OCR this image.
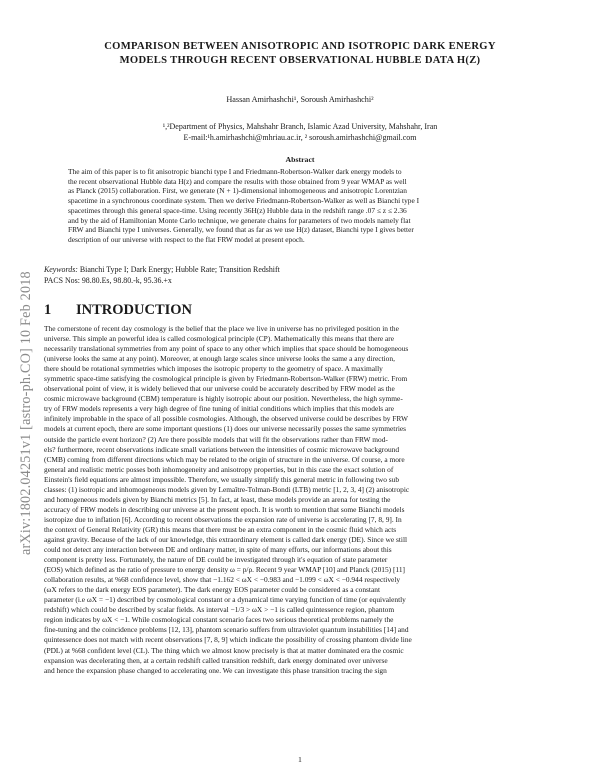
arXiv:1802.04251v1 [astro-ph.CO] 10 Feb 2018
COMPARISON BETWEEN ANISOTROPIC AND ISOTROPIC DARK ENERGY
MODELS THROUGH RECENT OBSERVATIONAL HUBBLE DATA H(Z)
Hassan Amirhashchi¹, Soroush Amirhashchi²
¹,²Department of Physics, Mahshahr Branch, Islamic Azad University, Mahshahr, Iran
E-mail:¹h.amirhashchi@mhriau.ac.ir, ² soroush.amirhashchi@gmail.com
Abstract
The aim of this paper is to fit anisotropic bianchi type I and Friedmann-Robertson-Walker dark energy models to
the recent observational Hubble data H(z) and compare the results with those obtained from 9 year WMAP as well
as Planck (2015) collaboration. First, we generate (N + 1)-dimensional inhomogeneous and anisotropic Lorentzian
spacetime in a synchronous coordinate system. Then we derive Friedmann-Robertson-Walker as well as Bianchi type I
spacetimes through this general space-time. Using recently 36H(z) Hubble data in the redshift range .07 ≤ z ≤ 2.36
and by the aid of Hamiltonian Monte Carlo technique, we generate chains for parameters of two models namely flat
FRW and Bianchi type I universes. Generally, we found that as far as we use H(z) dataset, Bianchi type I gives better
description of our universe with respect to the flat FRW model at present epoch.
Keywords: Bianchi Type I; Dark Energy; Hubble Rate; Transition Redshift
PACS Nos: 98.80.Es, 98.80.-k, 95.36.+x
1 INTRODUCTION
The cornerstone of recent day cosmology is the belief that the place we live in universe has no privileged position in the
universe. This simple an powerful idea is called cosmological principle (CP). Mathematically this means that there are
necessarily translational symmetries from any point of space to any other which implies that space should be homogeneous
(universe looks the same at any point). Moreover, at enough large scales since universe looks the same a any direction,
there should be rotational symmetries which imposes the isotropic property to the geometry of space. A maximally
symmetric space-time satisfying the cosmological principle is given by Friedmann-Robertson-Walker (FRW) metric. From
observational point of view, it is widely believed that our universe could be accurately described by FRW model as the
cosmic microwave background (CBM) temperature is highly isotropic about our position. Nevertheless, the high symme-
try of FRW models represents a very high degree of fine tuning of initial conditions which implies that this models are
infinitely improbable in the space of all possible cosmologies. Although, the observed universe could be describes by FRW
models at current epoch, there are some important questions (1) does our universe necessarily posses the same symmetries
outside the particle event horizon? (2) Are there possible models that will fit the observations rather than FRW mod-
els? furthermore, recent observations indicate small variations between the intensities of cosmic microwave background
(CMB) coming from different directions which may be related to the origin of structure in the universe. Of course, a more
general and realistic metric posses both inhomogeneity and anisotropy properties, but in this case the exact solution of
Einstein's field equations are almost impossible. Therefore, we usually simplify this general metric in following two sub
classes: (1) isotropic and inhomogeneous models given by Lemaître-Tolman-Bondi (LTB) metric [1, 2, 3, 4] (2) anisotropic
and homogeneous models given by Bianchi metrics [5]. In fact, at least, these models provide an arena for testing the
accuracy of FRW models in describing our universe at the present epoch. It is worth to mention that some Bianchi models
isotropize due to inflation [6]. According to recent observations the expansion rate of universe is accelerating [7, 8, 9]. In
the context of General Relativity (GR) this means that there must be an extra component in the cosmic fluid which acts
against gravity. Because of the lack of our knowledge, this extraordinary element is called dark energy (DE). Since we still
could not detect any interaction between DE and ordinary matter, in spite of many efforts, our informations about this
component is pretty less. Fortunately, the nature of DE could be investigated through it's equation of state parameter
(EOS) which defined as the ratio of pressure to energy density ω = p/ρ. Recent 9 year WMAP [10] and Planck (2015) [11]
collaboration results, at %68 confidence level, show that −1.162 < ωX < −0.983 and −1.099 < ωX < −0.944 respectively
(ωX refers to the dark energy EOS parameter). The dark energy EOS parameter could be considered as a constant
parameter (i.e ωX = −1) described by cosmological constant or a dynamical time varying function of time (or equivalently
redshift) which could be described by scalar fields. As interval −1/3 > ωX > −1 is called quintessence region, phantom
region indicates by ωX < −1. While cosmological constant scenario faces two serious theoretical problems namely the
fine-tuning and the coincidence problems [12, 13], phantom scenario suffers from ultraviolet quantum instabilities [14] and
quintessence does not match with recent observations [7, 8, 9] which indicate the possibility of crossing phantom divide line
(PDL) at %68 confident level (CL). The thing which we almost know precisely is that at matter dominated era the cosmic
expansion was decelerating then, at a certain redshift called transition redshift, dark energy dominated over universe
and hence the expansion phase changed to accelerating one. We can investigate this phase transition tracing the sign
1
